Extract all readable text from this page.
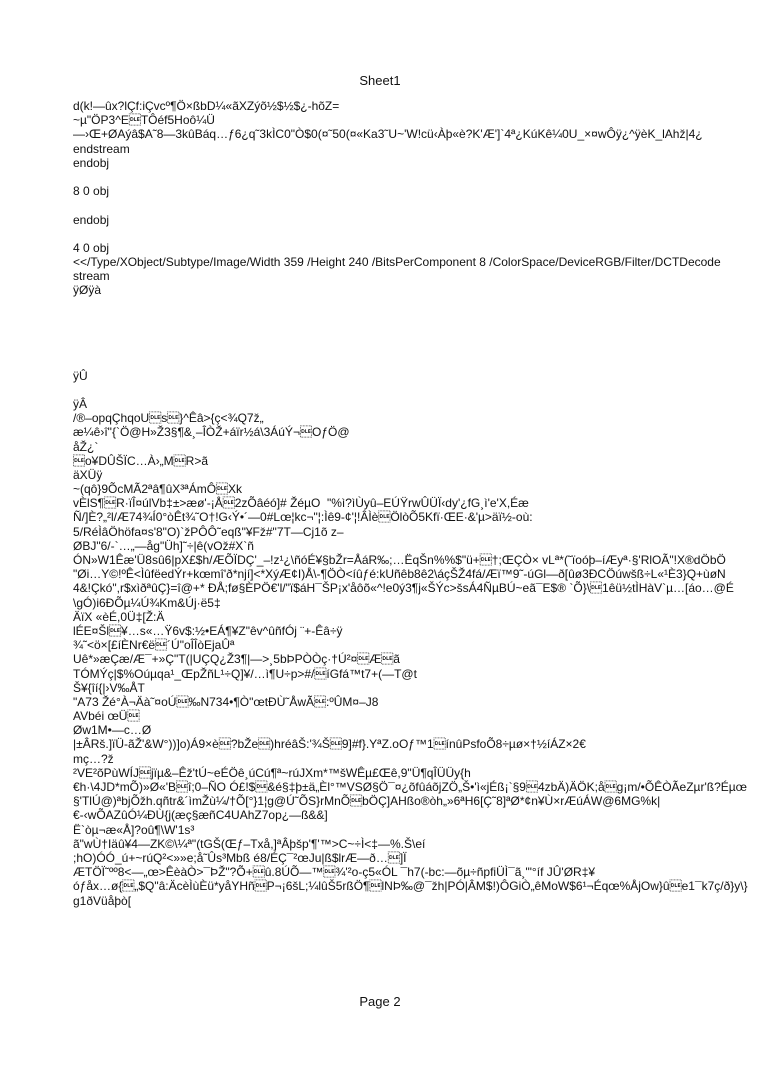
Sheet1
d(k!—ûx?lÇf:iÇvcº¶Ö×ßbD¼«ãXZýõ½$½$¿-hõZ=
~µ"ÖP3^ETÔéf5Hoô¼Ü
—›Œ+ØAýâ$A˜8—3kûBáq…ƒ6¿q˜3kÌC0"Ò$0(¤˜50(¤«Ka3˜U~'W!cü‹Àþ«è?K'Æ']`4ª¿KúKê¼0U_×¤wÔÿ¿^ÿèK_lAhž|4¿
endstream
endobj
8 0 obj
endobj
4 0 obj
<</Type/XObject/Subtype/Image/Width 359 /Height 240 /BitsPerComponent 8 /ColorSpace/DeviceRGB/Filter/DCTDecode
stream
ÿØÿà
ÿÛ
ÿÂ
/®–opqÇhqoUs}^Êâ>{ç<¾Q7ž„
æ¼ê›î"{`Ö@H»Ž3§¶&¸–ÎÒŽ+áïr½á\3ÁúÝ¬OƒÖ@
åŽ¿`
o¥DÛŠÏC…À›„MR>ã
äXÜÿ
~(qô}9ÕcMÃ2ªâ¶ûX³ªÁmÔXk
vÈlS¶R·ïÎ¤úlVb‡±>æø'-¡Å2zÕâéó]# ŽéµO  "%ì?ìÙyû–EÚŸrwÛÜÏ‹dy'¿fG¸ì'e'X,Éæ
Ñ/]È?„²l/Æ74¾Í0°òÊt¾˜O†!G‹Ý•´—0#Lœ¦kc¬"¦:Ìê9-¢'¦!ÂÌèÖlòÕ5Kfï·ŒE·&'µ>äï½-où:
5/RéÌâÖhöfa¤s'8"O)`žPÔÔ˜eqß"¥Fž#"7T—Cj1õ z–
ØBJ"6/-`…„—åg"Üh]˜÷|ê(vOž#X`ñ
ÓN»W1Êæ'Ü8sû6|pX£$h/ÆÕÏDÇ'_–!z¹¿\ñóÉ¥§bŽr=ÅáR‰;…ËqŠn%%$"ü+†;ŒÇÒ× vLª*(˜ïoóþ–íÆyª·§'RlOÃ"!X®dÖbÖ
"Øi…Y©!ºÊ<ÌûfëedÝr+kœmî'ð*njí]<*XýÆ¢I)Å\-¶ÖÒ<íûƒé:kUñêb8ê2\áçŠŽ4fá/Æï™9˜-úGl—ð[ûø3ÐCÖúwšß÷L«¹È3}Q+ùøN
4&!Çkó",r$xìðªûÇ}=î@+* ÐÅ;fø§ÈPÖ€'l/"ï$áH¯ŠP¡x'åôõ«^!e0ý3¶j«ŠÝc>šsÁ4ÑµBÚ~eã¯E$® `Õ}\1êü½tÌHàV`µ…[áo…@É
\gÓ)i6ÐÕµ¼Ú¾Km&Új·ë5‡
ÄïX «èÉ,0Ü‡[Ž:Ä
lÉE¤Šl¥…s«…Ÿ6v$:½•EÁ¶¥Z"êv^ûñfÓj ¨+-Êâ÷ÿ
¾˜<ö×[£íÈNr€ë´Ú"oÎÎòEjaÛª
Uê*»æÇæ/Æ¯+»Ç"T(|UÇQ¿Ž3¶|—>¸5bÞPÒÒç·†Ú²¤Æã
TÓMÝç|$%Oúµqa¹_ŒpŽñL¹÷Q]¥/…ì¶U÷p>#/íGfá™t7+(—T@t
Š¥{îí{|›V‰ÅT
"A73 Žé°À¬Äà˜¤oÚ‰N734•¶Ò"œtÐÙ˜ÅwÃ:ºÛM¤–J8
AVbéi œÜ
Øw1M•—c…Ø
|±ÂRš.]ïÜ-ãŽ'&W°))]o)Á9×è?bŽe)hréâŠ:'¾Š9]#f}.YªZ.oOƒ™1ínûPsfoÕ8÷µø×†½íÁZ×2€
mç…?ž
²VE²õPùWÍJjïµ&–Êž'tÚ~eÉÖê¸úCú¶ª~rúJXm*™šWÊµ£Œê,9"Ü¶qÎÜÜy{h
€h·\4JD*mÕ)»Ø«'Bî;0–ÑO Ó£!$&é§‡þ±ä„Èl°™VSØ§Ö¯¤¿õfûáõjZÖ„Š•'ì«jÉß¡`§94zbÄ)ÄÖK;åg¡m/•ÕÊÒÃeZµr'ß?Éµœ
§'TlÚ@)ªbjÕžh.qñtr&´ìmŽù¼/†Õ[°}1¦g@Ú˜ÕS}rMnÕbÖÇ]AHßo®òh„»6ªH6[Ç˜8]ªØ*¢n¥Ù×rÆúÁW@6MG%k|
€-‹wÕAZûÓ¼ÐÙ{j(æç§æñC4UAhZ7op¿—ß&&]
Ë`òµ¬æ«Å]?oû¶\W'1s³
ã"wÙ†Iäû¥4—ZK©\¼ª"(tGŠ(Œƒ–Txå,]ªÂþšp'¶'™>C~÷Ì<‡—%.Š\eí
;hO)ÓÓ_ú+~rúQ²<»»e;å˜Ûs³Mbß é8/ÉÇ¯²œJu|ß$lrÆ—ð…]Ï
ÆTÖÏ˜ºº8<—„œ>ÊèàÒ>¯ÞŽ"?Õ+û.8ÚÕ—™¾'²o-ç5«ÓL ¯h7(-bc:—õµ÷ñpfiÜÌ¯ã¸'"°íf JÛ'ØR‡¥
óƒåx…ø{„$Q"â:ÄcèÌùÈü*yåYHñP¬¡6šL;¼lûŠ5rßÖ¶lNÞ‰@¯žh|PÓ|ÂM$!)ÔGiÒ„êMoW$6¹¬Éqœ%ÅjOw}ûe1¯k7ç/ð}y\}
g1ðVüåþò[
Page 2
